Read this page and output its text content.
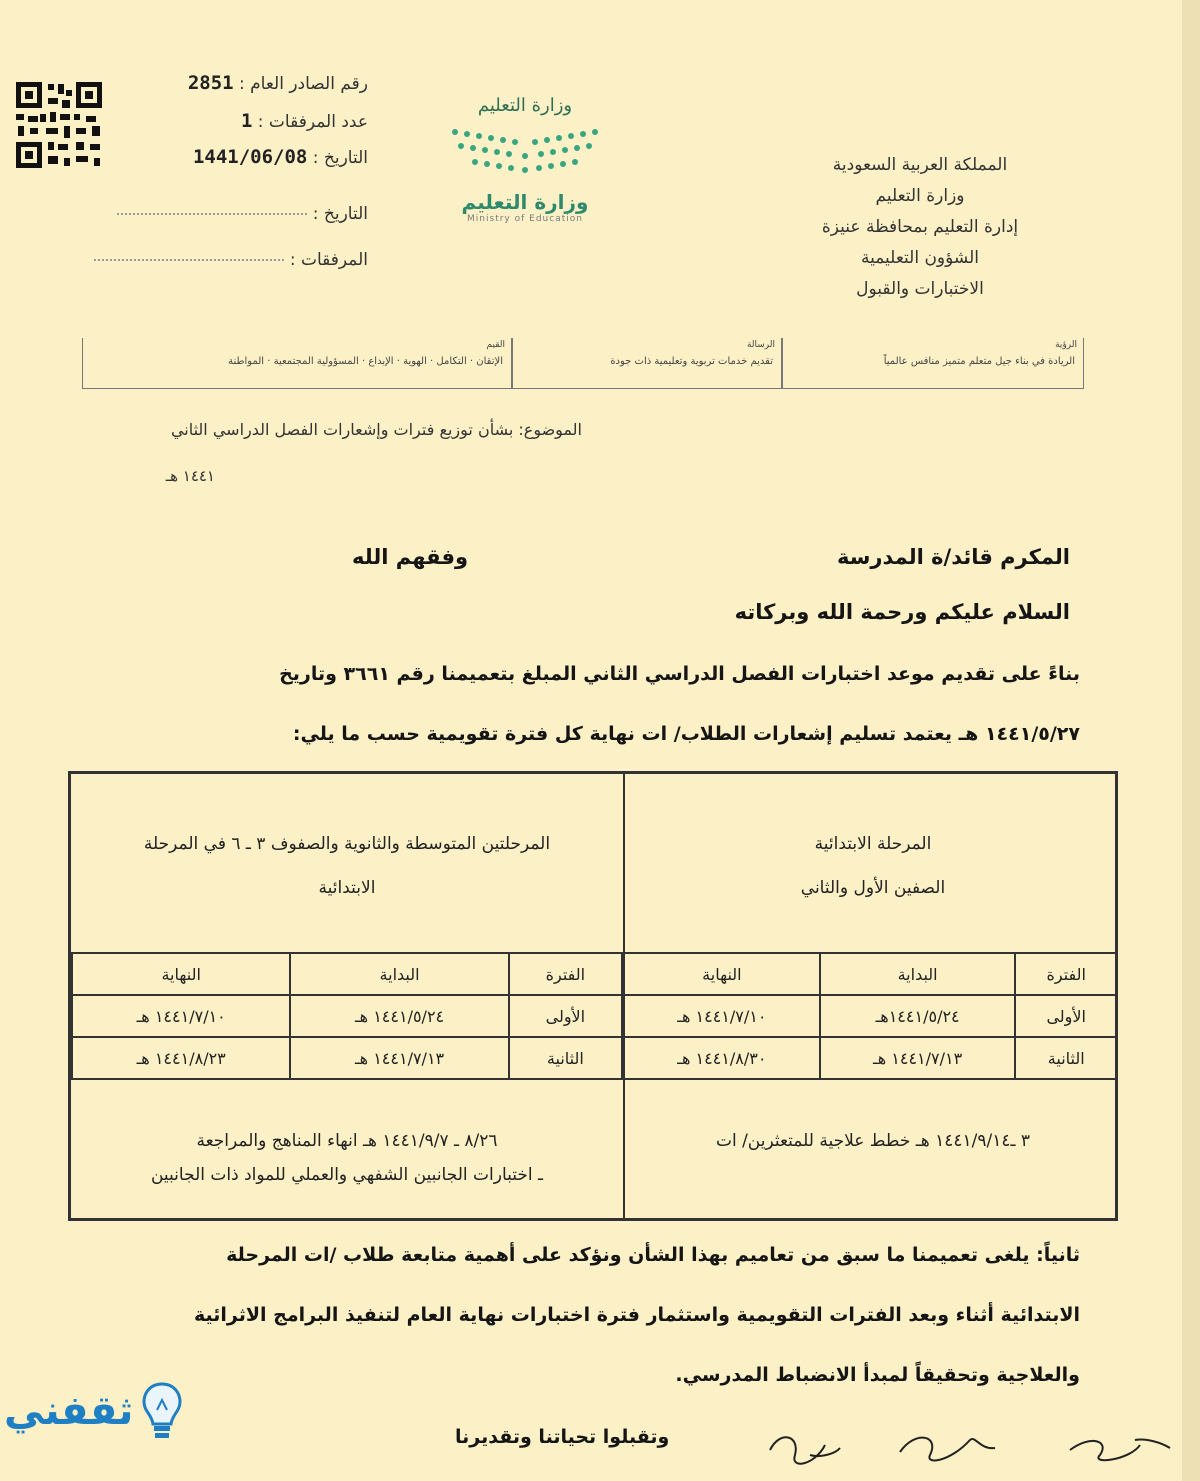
رقم الصادر العام : 2851
عدد المرفقات : 1
التاريخ : 1441/06/08
التاريخ :
المرفقات :
وزارة التعليم
وزارة التعليم
Ministry of Education
المملكة العربية السعودية
وزارة التعليم
إدارة التعليم بمحافظة عنيزة
الشؤون التعليمية
الاختبارات والقبول
الرؤية
الريادة في بناء جيل متعلم متميز منافس عالمياً
الرسالة
تقديم خدمات تربوية وتعليمية ذات جودة
القيم
الإتقان · التكامل · الهوية · الإبداع · المسؤولية المجتمعية · المواطنة
الموضوع: بشأن توزيع فترات وإشعارات الفصل الدراسي الثاني
١٤٤١ هـ
المكرم قائد/ة المدرسة
وفقهم الله
السلام عليكم ورحمة الله وبركاته
بناءً على تقديم موعد اختبارات الفصل الدراسي الثاني المبلغ بتعميمنا رقم ٣٦٦١ وتاريخ
١٤٤١/٥/٢٧ هـ يعتمد تسليم إشعارات الطلاب/ ات نهاية كل فترة تقويمية حسب ما يلي:
المرحلة الابتدائية
الصفين الأول والثاني
الفترة	البداية	النهاية
الأولى	١٤٤١/٥/٢٤هـ	١٤٤١/٧/١٠ هـ
الثانية	١٤٤١/٧/١٣ هـ	١٤٤١/٨/٣٠ هـ
٣ ـ١٤٤١/٩/١٤ هـ خطط علاجية للمتعثرين/ ات
المرحلتين المتوسطة والثانوية والصفوف ٣ ـ ٦ في المرحلة
الابتدائية
الفترة	البداية	النهاية
الأولى	١٤٤١/٥/٢٤ هـ	١٤٤١/٧/١٠ هـ
الثانية	١٤٤١/٧/١٣ هـ	١٤٤١/٨/٢٣ هـ
٨/٢٦ ـ ١٤٤١/٩/٧ هـ انهاء المناهج والمراجعة
ـ اختبارات الجانبين الشفهي والعملي للمواد ذات الجانبين
ثانياً: يلغى تعميمنا ما سبق من تعاميم بهذا الشأن ونؤكد على أهمية متابعة طلاب /ات المرحلة
الابتدائية أثناء وبعد الفترات التقويمية واستثمار فترة اختبارات نهاية العام لتنفيذ البرامج الاثرائية
والعلاجية وتحقيقاً لمبدأ الانضباط المدرسي.
وتقبلوا تحياتنا وتقديرنا
ثقفني
